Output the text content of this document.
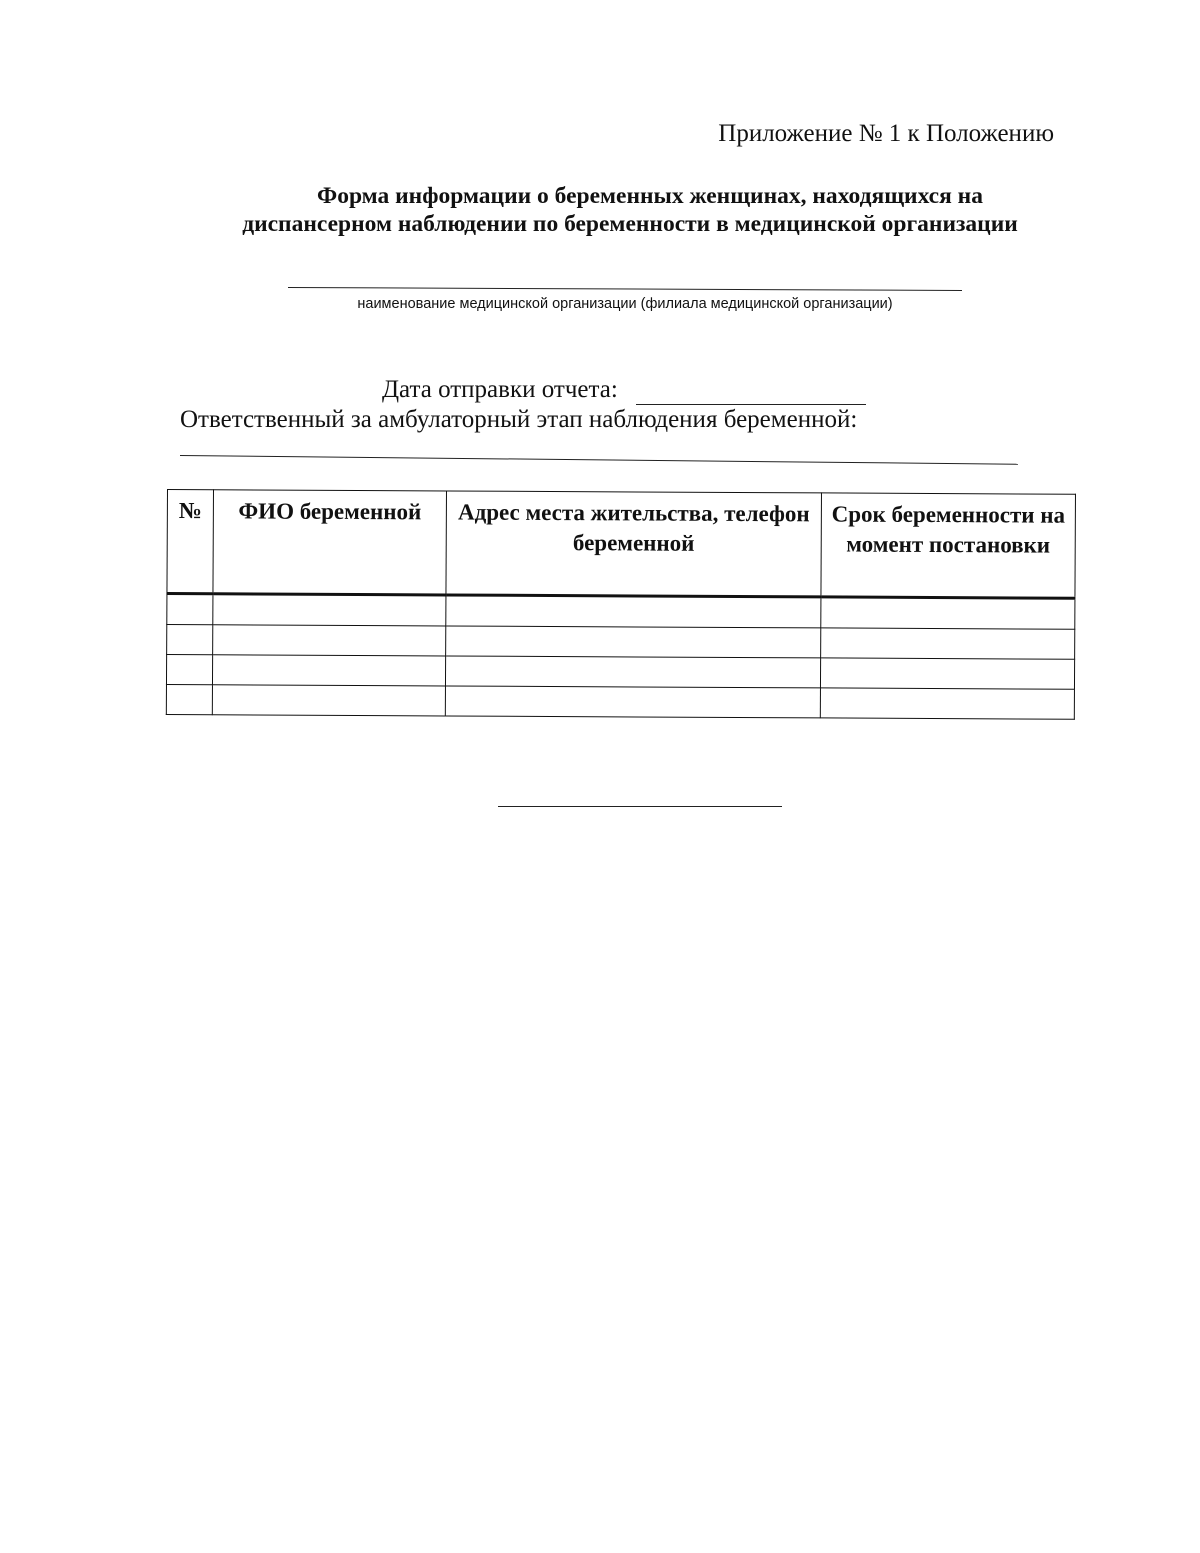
Приложение № 1 к Положению
Форма информации о беременных женщинах, находящихся на
диспансерном наблюдении по беременности в медицинской организации
наименование медицинской организации (филиала медицинской организации)
Дата отправки отчета:
Ответственный за амбулаторный этап наблюдения беременной:
№	ФИО беременной	Адрес места жительства, телефон беременной	Срок беременности на момент постановки
